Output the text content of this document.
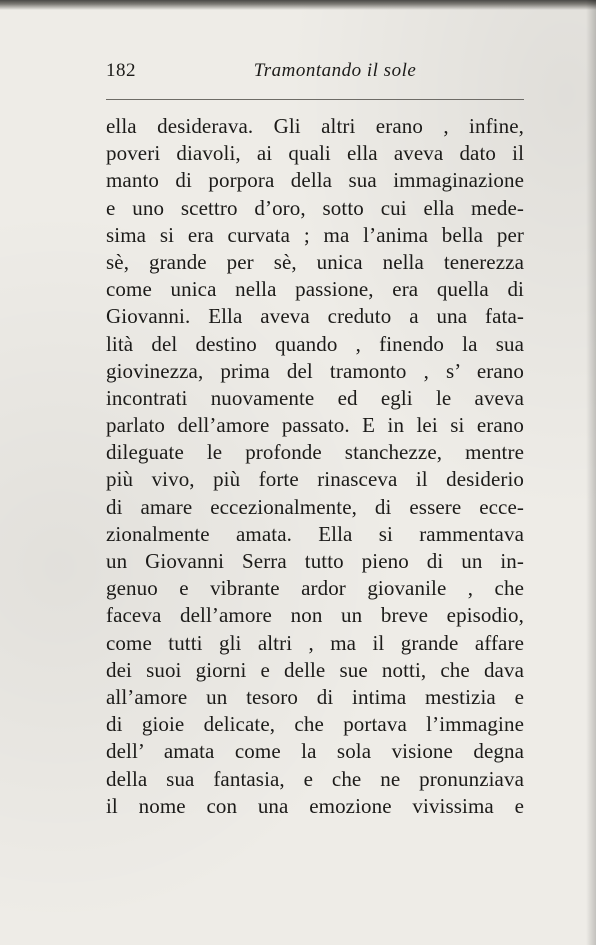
182	Tramontando il sole
ella desiderava. Gli altri erano , infine,
poveri diavoli, ai quali ella aveva dato il
manto di porpora della sua immaginazione
e uno scettro d’oro, sotto cui ella mede-
sima si era curvata ; ma l’anima bella per
sè, grande per sè, unica nella tenerezza
come unica nella passione, era quella di
Giovanni. Ella aveva creduto a una fata-
lità del destino quando , finendo la sua
giovinezza, prima del tramonto , s’ erano
incontrati nuovamente ed egli le aveva
parlato dell’amore passato. E in lei si erano
dileguate le profonde stanchezze, mentre
più vivo, più forte rinasceva il desiderio
di amare eccezionalmente, di essere ecce-
zionalmente amata. Ella si rammentava
un Giovanni Serra tutto pieno di un in-
genuo e vibrante ardor giovanile , che
faceva dell’amore non un breve episodio,
come tutti gli altri , ma il grande affare
dei suoi giorni e delle sue notti, che dava
all’amore un tesoro di intima mestizia e
di gioie delicate, che portava l’immagine
dell’ amata come la sola visione degna
della sua fantasia, e che ne pronunziava
il nome con una emozione vivissima e
